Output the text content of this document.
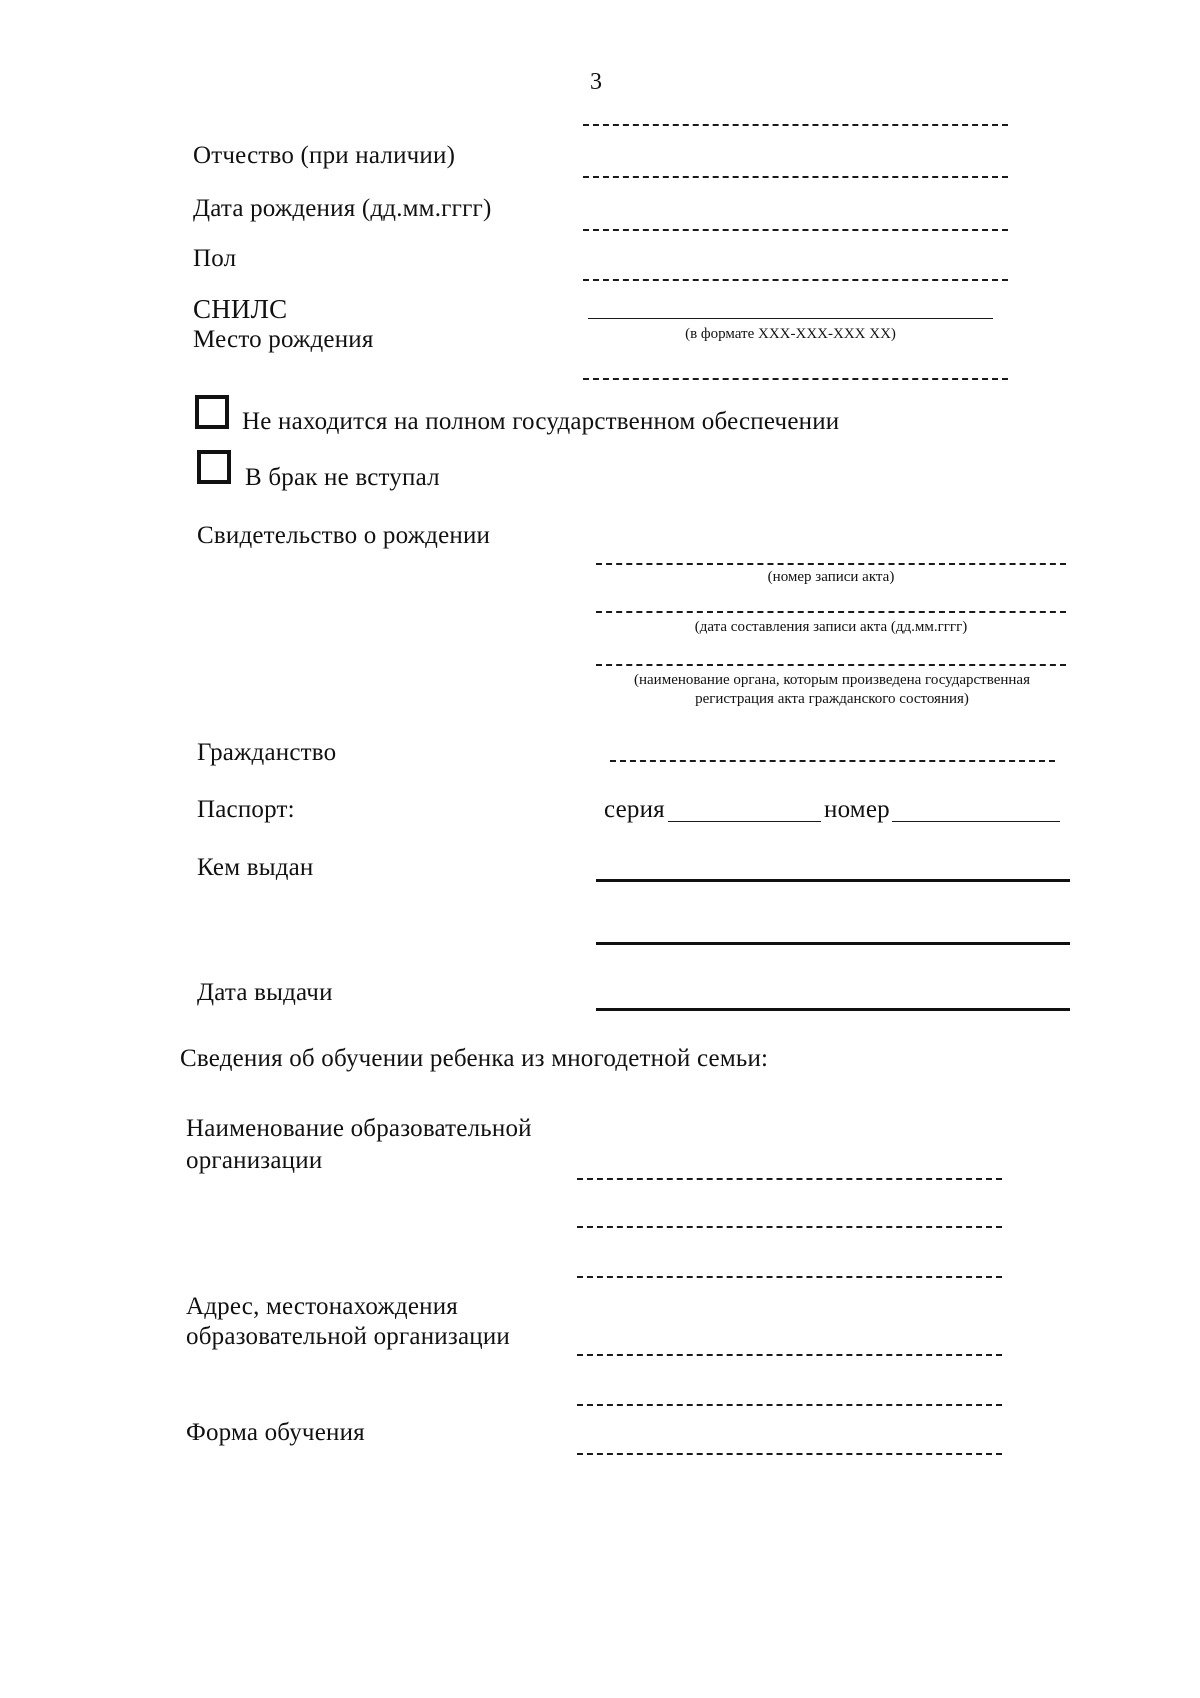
3
Отчество (при наличии)
Дата рождения (дд.мм.гггг)
Пол
СНИЛС
(в формате ХХХ-ХХХ-ХХХ ХХ)
Место рождения
Не находится на полном государственном обеспечении
В брак не вступал
Свидетельство о рождении
(номер записи акта)
(дата составления записи акта (дд.мм.гггг)
(наименование органа, которым произведена государственная регистрация акта гражданского состояния)
Гражданство
Паспорт:	серия	номер
Кем выдан
Дата выдачи
Сведения об обучении ребенка из многодетной семьи:
Наименование образовательной организации
Адрес, местонахождения образовательной организации
Форма обучения
